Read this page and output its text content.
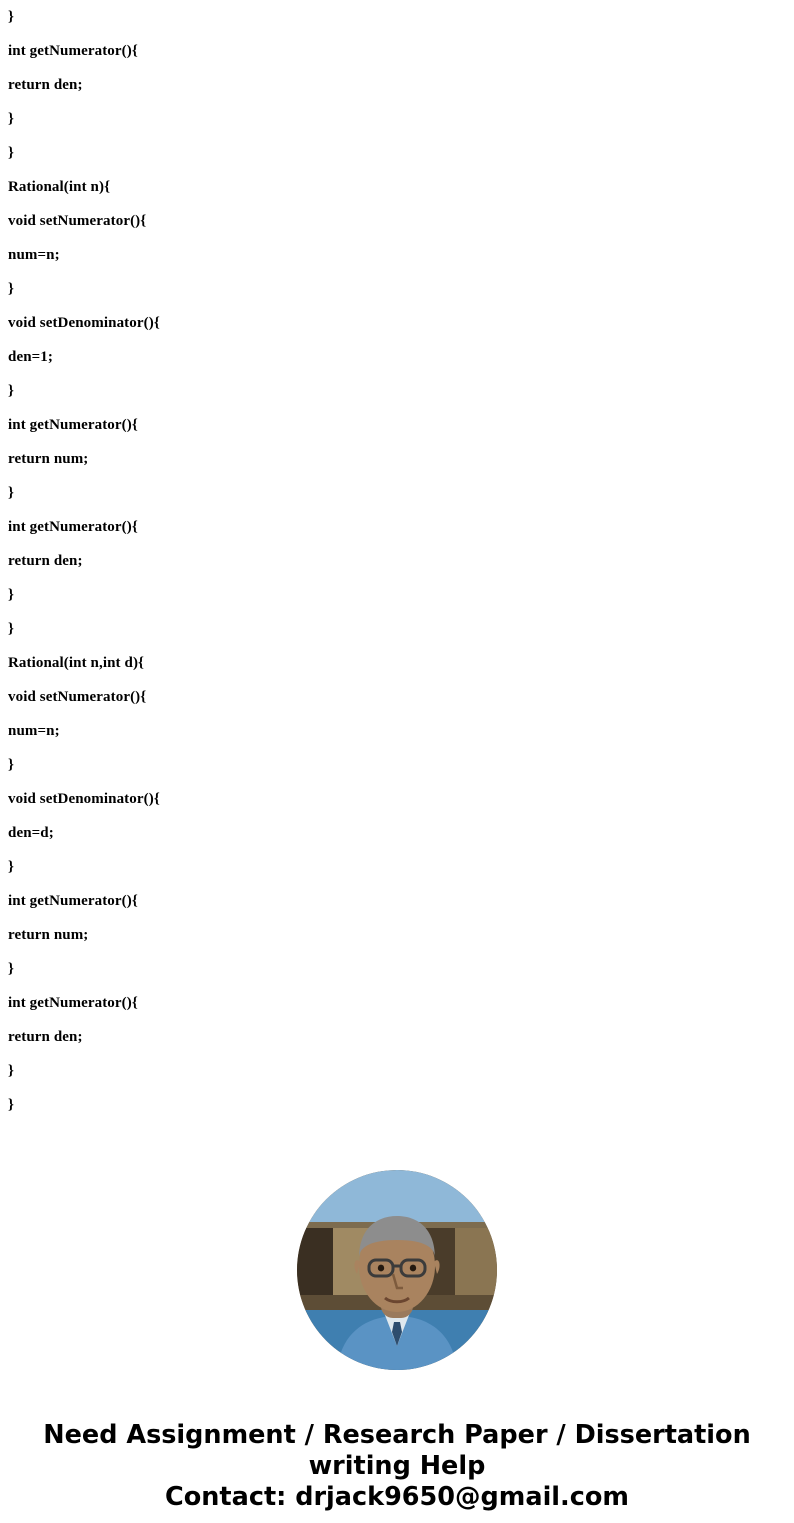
}
int getNumerator(){
return den;
}
}
Rational(int n){
void setNumerator(){
num=n;
}
void setDenominator(){
den=1;
}
int getNumerator(){
return num;
}
int getNumerator(){
return den;
}
}
Rational(int n,int d){
void setNumerator(){
num=n;
}
void setDenominator(){
den=d;
}
int getNumerator(){
return num;
}
int getNumerator(){
return den;
}
}
Need Assignment / Research Paper / Dissertation
writing Help
Contact: drjack9650@gmail.com
